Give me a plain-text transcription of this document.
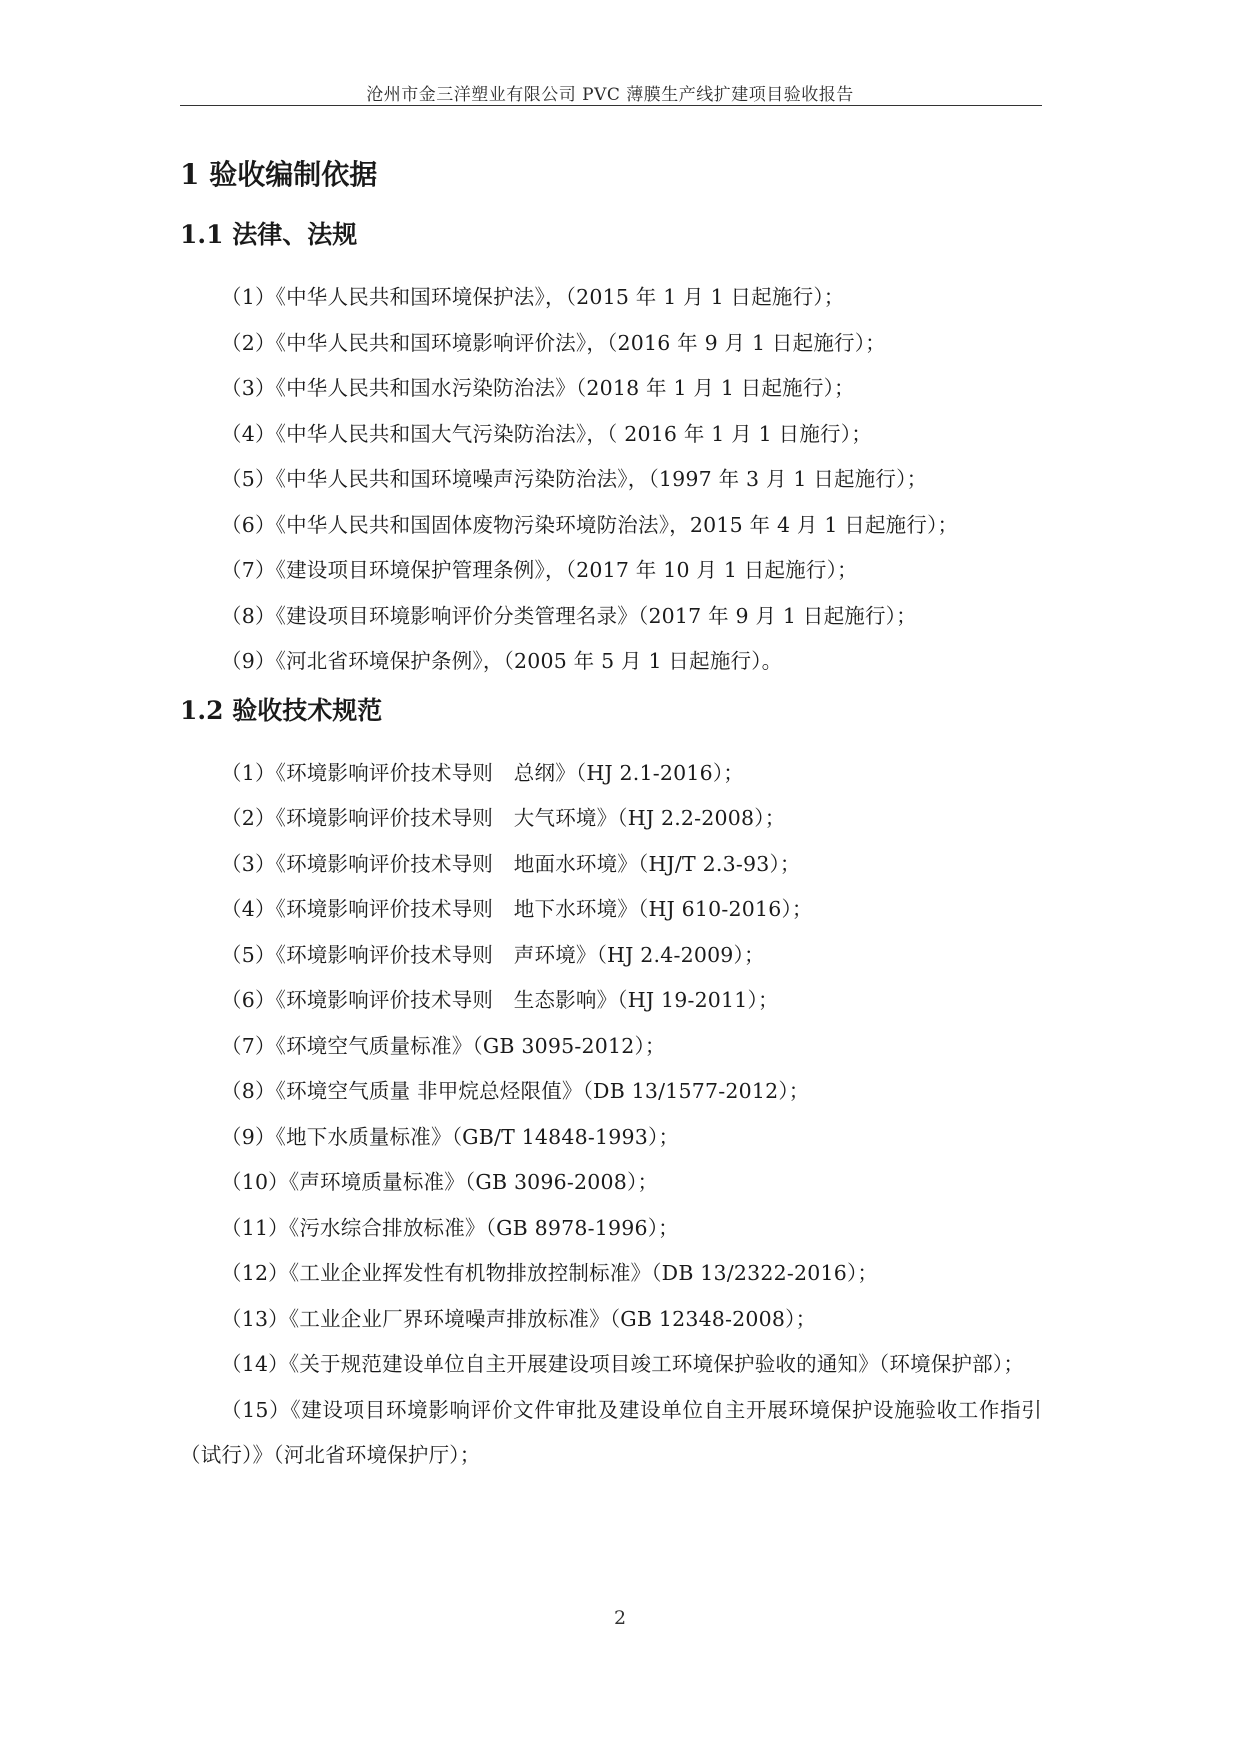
沧州市金三洋塑业有限公司 PVC 薄膜生产线扩建项目验收报告
1 验收编制依据
1.1 法律、法规

（1）《中华人民共和国环境保护法》，（2015 年 1 月 1 日起施行）；

（2）《中华人民共和国环境影响评价法》，（2016 年 9 月 1 日起施行）；

（3）《中华人民共和国水污染防治法》（2018 年 1 月 1 日起施行）；

（4）《中华人民共和国大气污染防治法》，（ 2016 年 1 月 1 日施行）；

（5）《中华人民共和国环境噪声污染防治法》，（1997 年 3 月 1 日起施行）；

（6）《中华人民共和国固体废物污染环境防治法》，2015 年 4 月 1 日起施行）；

（7）《建设项目环境保护管理条例》，（2017 年 10 月 1 日起施行）；

（8）《建设项目环境影响评价分类管理名录》（2017 年 9 月 1 日起施行）；

（9）《河北省环境保护条例》，（2005 年 5 月 1 日起施行）。

1.2 验收技术规范

（1）《环境影响评价技术导则　总纲》（HJ 2.1-2016）；

（2）《环境影响评价技术导则　大气环境》（HJ 2.2-2008）；

（3）《环境影响评价技术导则　地面水环境》（HJ/T 2.3-93）；

（4）《环境影响评价技术导则　地下水环境》（HJ 610-2016）；

（5）《环境影响评价技术导则　声环境》（HJ 2.4-2009）；

（6）《环境影响评价技术导则　生态影响》（HJ 19-2011）；

（7）《环境空气质量标准》（GB 3095-2012）；

（8）《环境空气质量 非甲烷总烃限值》（DB 13/1577-2012）；

（9）《地下水质量标准》（GB/T 14848-1993）；

（10）《声环境质量标准》（GB 3096-2008）；

（11）《污水综合排放标准》（GB 8978-1996）；

（12）《工业企业挥发性有机物排放控制标准》（DB 13/2322-2016）；

（13）《工业企业厂界环境噪声排放标准》（GB 12348-2008）；

（14）《关于规范建设单位自主开展建设项目竣工环境保护验收的通知》（环境保护部）；

（15）《建设项目环境影响评价文件审批及建设单位自主开展环境保护设施验收工作指引（试行）》（河北省环境保护厅）；

2
